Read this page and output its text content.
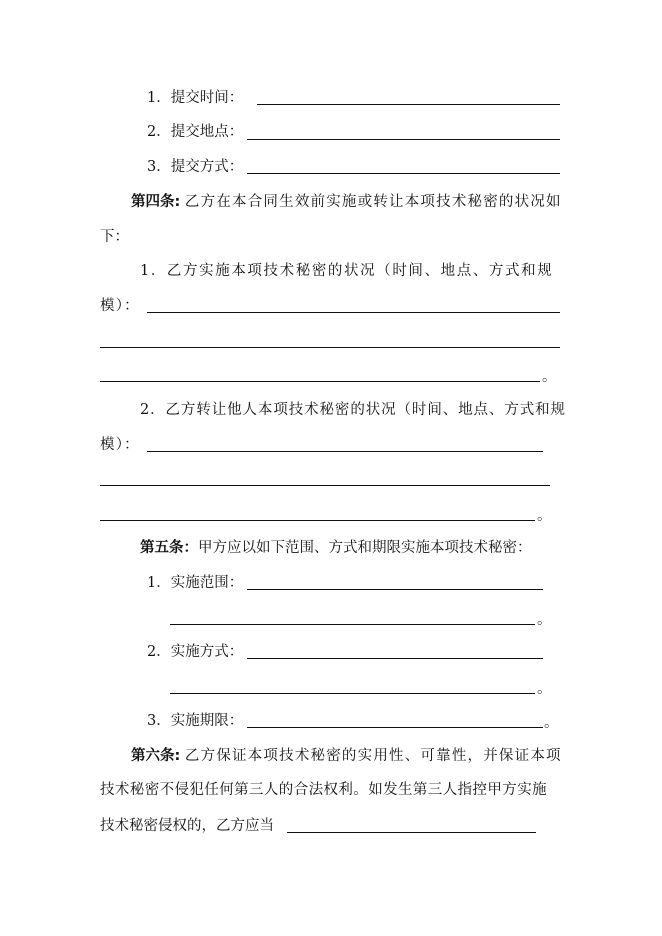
1．提交时间：
2．提交地点：
3．提交方式：
第四条: 乙方在本合同生效前实施或转让本项技术秘密的状况如
下：
1．乙方实施本项技术秘密的状况（时间、地点、方式和规
模）：
。
2．乙方转让他人本项技术秘密的状况（时间、地点、方式和规
模）：
。
第五条：甲方应以如下范围、方式和期限实施本项技术秘密：
1．实施范围：
。
2．实施方式：
。
3．实施期限：	。
第六条: 乙方保证本项技术秘密的实用性、可靠性，并保证本项
技术秘密不侵犯任何第三人的合法权利。如发生第三人指控甲方实施
技术秘密侵权的，乙方应当
